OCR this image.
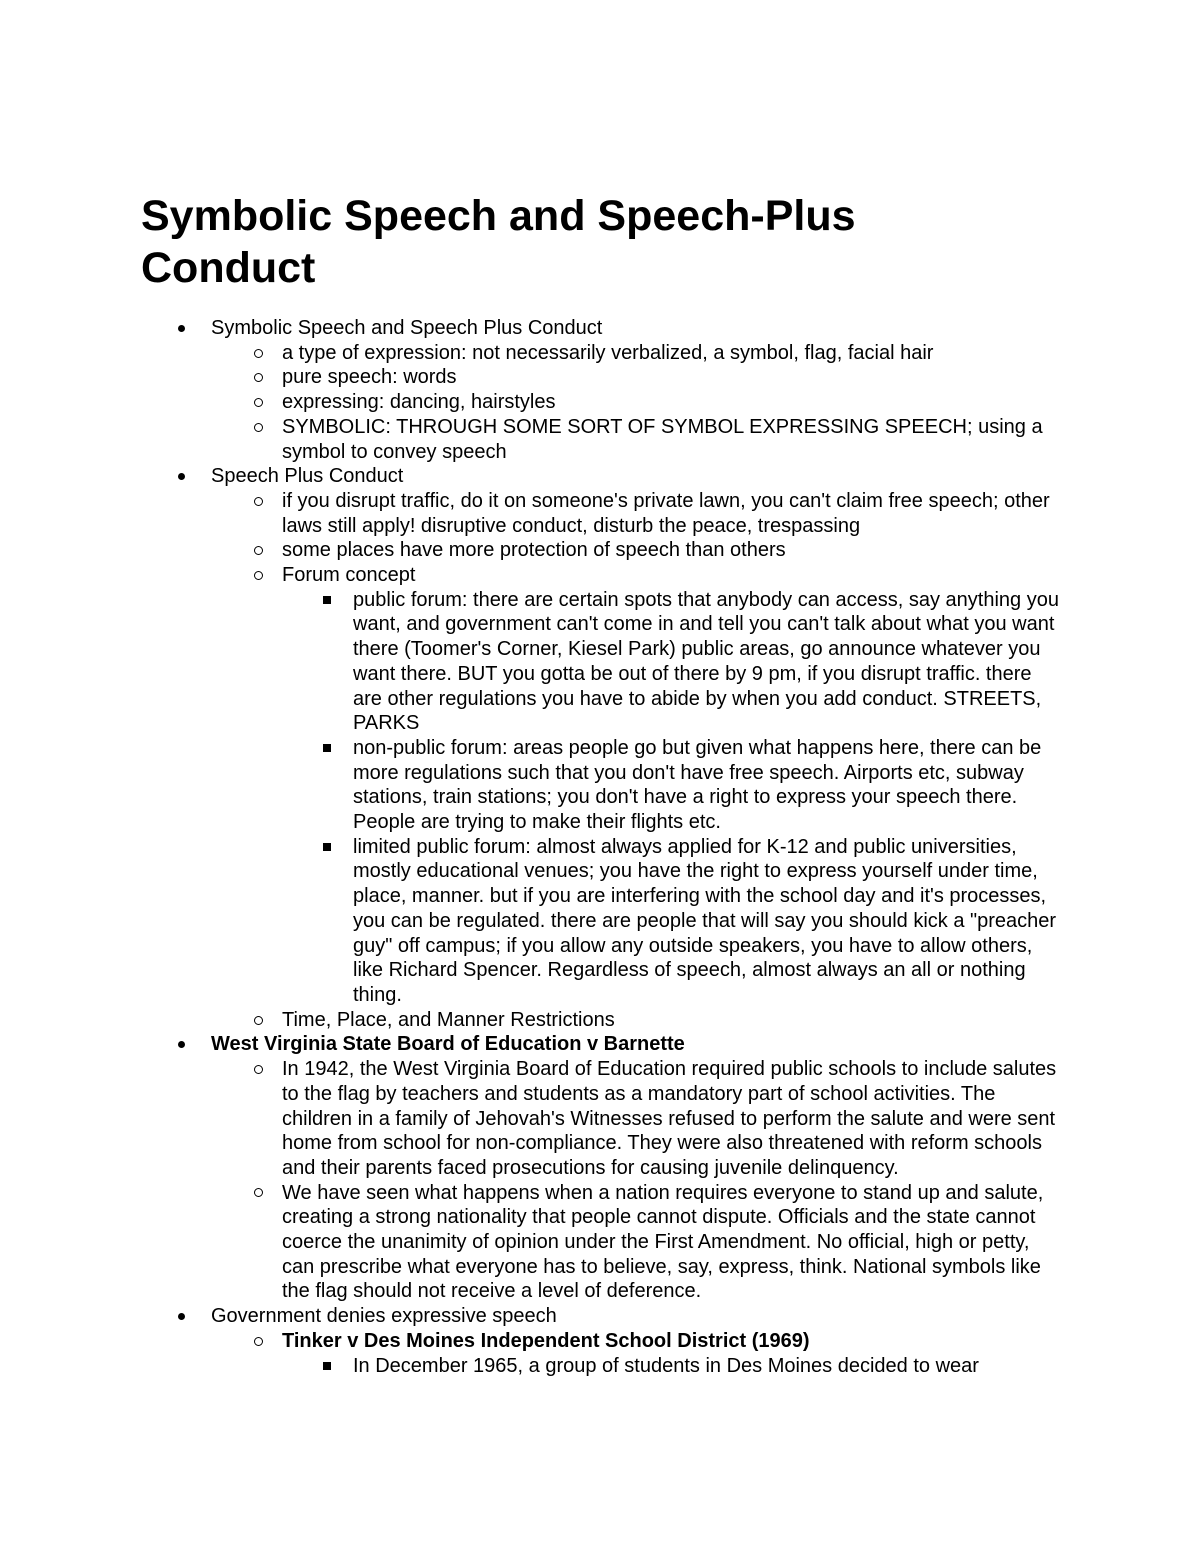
Symbolic Speech and Speech-Plus Conduct
Symbolic Speech and Speech Plus Conduct
a type of expression: not necessarily verbalized, a symbol, flag, facial hair
pure speech: words
expressing: dancing, hairstyles
SYMBOLIC: THROUGH SOME SORT OF SYMBOL EXPRESSING SPEECH; using a symbol to convey speech
Speech Plus Conduct
if you disrupt traffic, do it on someone's private lawn, you can't claim free speech; other laws still apply! disruptive conduct, disturb the peace, trespassing
some places have more protection of speech than others
Forum concept
public forum: there are certain spots that anybody can access, say anything you want, and government can't come in and tell you can't talk about what you want there (Toomer's Corner, Kiesel Park) public areas, go announce whatever you want there. BUT you gotta be out of there by 9 pm, if you disrupt traffic. there are other regulations you have to abide by when you add conduct. STREETS, PARKS
non-public forum: areas people go but given what happens here, there can be more regulations such that you don't have free speech. Airports etc, subway stations, train stations; you don't have a right to express your speech there. People are trying to make their flights etc.
limited public forum: almost always applied for K-12 and public universities, mostly educational venues; you have the right to express yourself under time, place, manner. but if you are interfering with the school day and it's processes, you can be regulated. there are people that will say you should kick a "preacher guy" off campus; if you allow any outside speakers, you have to allow others, like Richard Spencer. Regardless of speech, almost always an all or nothing thing.
Time, Place, and Manner Restrictions
West Virginia State Board of Education v Barnette
In 1942, the West Virginia Board of Education required public schools to include salutes to the flag by teachers and students as a mandatory part of school activities. The children in a family of Jehovah's Witnesses refused to perform the salute and were sent home from school for non-compliance. They were also threatened with reform schools and their parents faced prosecutions for causing juvenile delinquency.
We have seen what happens when a nation requires everyone to stand up and salute, creating a strong nationality that people cannot dispute. Officials and the state cannot coerce the unanimity of opinion under the First Amendment. No official, high or petty, can prescribe what everyone has to believe, say, express, think. National symbols like the flag should not receive a level of deference.
Government denies expressive speech
Tinker v Des Moines Independent School District (1969)
In December 1965, a group of students in Des Moines decided to wear
